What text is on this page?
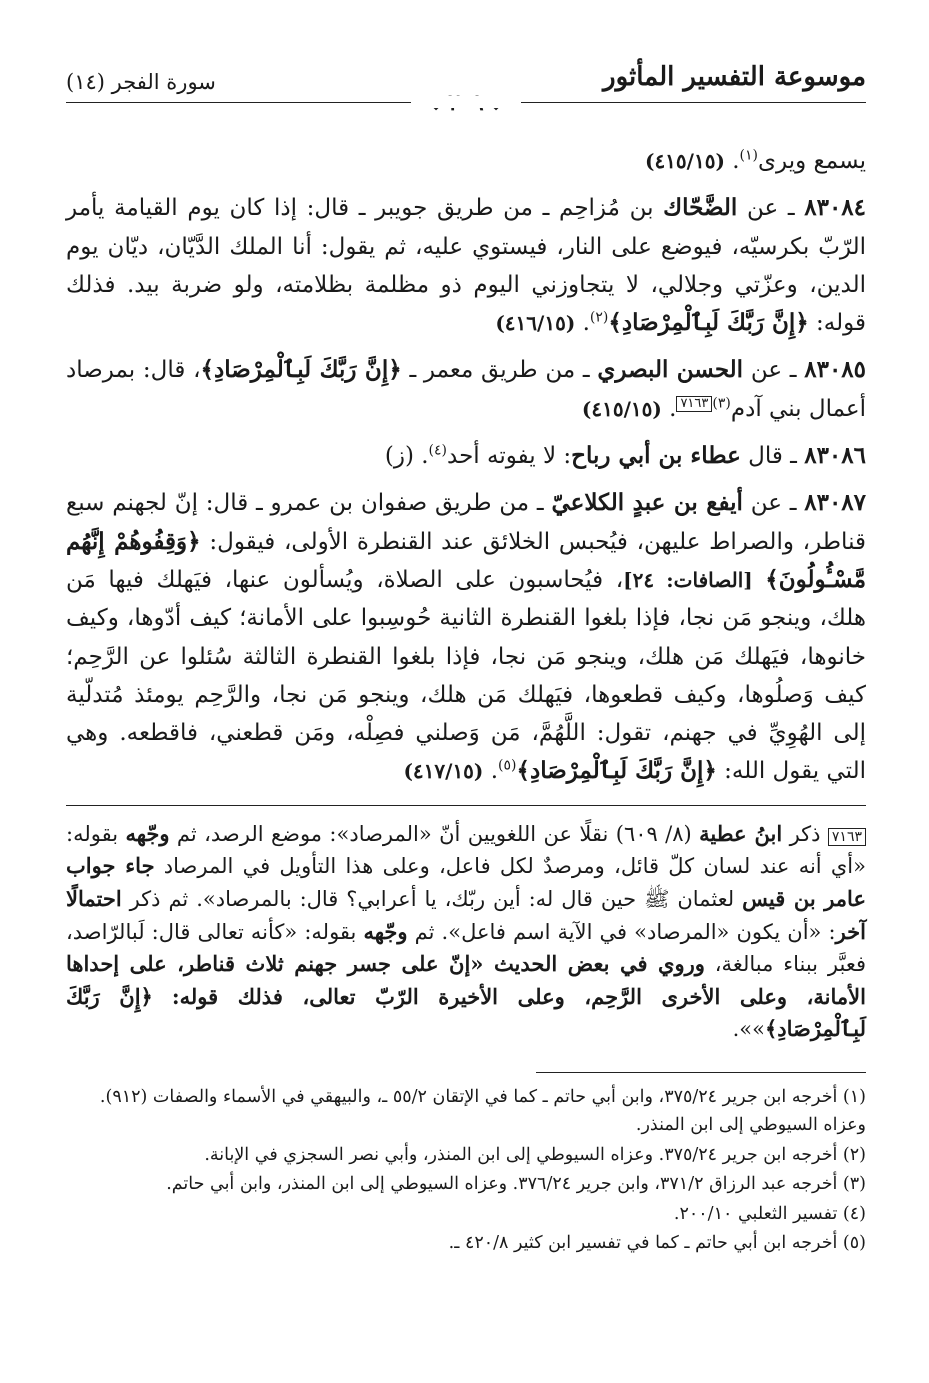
موسوعة التفسير المأثور
سورة الفجر (١٤)

يسمع ويرى$^{(١)}$. (٤١٥/١٥)

٨٣٠٨٤ ـ عن الضَّحّاك بن مُزاحِم ـ من طريق جويبر ـ قال: إذا كان يوم القيامة يأمر الرّبّ بكرسيّه، فيوضع على النار، فيستوي عليه، ثم يقول: أنا الملك الدَّيّان، ديّان يوم الدين، وعزّتي وجلالي، لا يتجاوزني اليوم ذو مظلمة بظلامته، ولو ضربة بيد. فذلك قوله: ﴿إِنَّ رَبَّكَ لَبِٱلْمِرْصَادِ﴾$^{(٢)}$. (٤١٦/١٥)

٨٣٠٨٥ ـ عن الحسن البصري ـ من طريق معمر ـ ﴿إِنَّ رَبَّكَ لَبِٱلْمِرْصَادِ﴾، قال: بمرصاد أعمال بني آدم$^{(٣)}$٧١٦٣. (٤١٥/١٥)

٨٣٠٨٦ ـ قال عطاء بن أبي رباح: لا يفوته أحد$^{(٤)}$. (ز)

٨٣٠٨٧ ـ عن أيفع بن عبدٍ الكلاعيّ ـ من طريق صفوان بن عمرو ـ قال: إنّ لجهنم سبع قناطر، والصراط عليهن، فيُحبس الخلائق عند القنطرة الأولى، فيقول: ﴿وَقِفُوهُمْ إِنَّهُم مَّسْـُٔولُونَ﴾ [الصافات: ٢٤]، فيُحاسبون على الصلاة، ويُسألون عنها، فيَهلك فيها مَن هلك، وينجو مَن نجا، فإذا بلغوا القنطرة الثانية حُوسِبوا على الأمانة؛ كيف أدّوها، وكيف خانوها، فيَهلك مَن هلك، وينجو مَن نجا، فإذا بلغوا القنطرة الثالثة سُئلوا عن الرَّحِم؛ كيف وَصلُوها، وكيف قطعوها، فيَهلك مَن هلك، وينجو مَن نجا، والرَّحِم يومئذ مُتدلّية إلى الهُوِيِّ في جهنم، تقول: اللَّهُمَّ، مَن وَصلني فصِلْه، ومَن قطعني، فاقطعه. وهي التي يقول الله: ﴿إِنَّ رَبَّكَ لَبِٱلْمِرْصَادِ﴾$^{(٥)}$. (٤١٧/١٥)

٧١٦٣ ذكر ابنُ عطية (٨/ ٦٠٩) نقلًا عن اللغويين أنّ «المرصاد»: موضع الرصد، ثم وجّهه بقوله: «أي أنه عند لسان كلّ قائل، ومرصدٌ لكل فاعل، وعلى هذا التأويل في المرصاد جاء جواب عامر بن قيس لعثمان ﷺ حين قال له: أين ربّك، يا أعرابي؟ قال: بالمرصاد». ثم ذكر احتمالًا آخر: «أن يكون «المرصاد» في الآية اسم فاعل». ثم وجّهه بقوله: «كأنه تعالى قال: لَبالرّاصد، فعبَّر ببناء مبالغة، وروي في بعض الحديث «إنّ على جسر جهنم ثلاث قناطر، على إحداها الأمانة، وعلى الأخرى الرَّحِم، وعلى الأخيرة الرّبّ تعالى، فذلك قوله: ﴿إِنَّ رَبَّكَ لَبِٱلْمِرْصَادِ﴾»».
(١) أخرجه ابن جرير ٣٧٥/٢٤، وابن أبي حاتم ـ كما في الإتقان ٥٥/٢ ـ، والبيهقي في الأسماء والصفات (٩١٢). وعزاه السيوطي إلى ابن المنذر.
(٢) أخرجه ابن جرير ٣٧٥/٢٤. وعزاه السيوطي إلى ابن المنذر، وأبي نصر السجزي في الإبانة.
(٣) أخرجه عبد الرزاق ٣٧١/٢، وابن جرير ٣٧٦/٢٤. وعزاه السيوطي إلى ابن المنذر، وابن أبي حاتم.
(٤) تفسير الثعلبي ٢٠٠/١٠.
(٥) أخرجه ابن أبي حاتم ـ كما في تفسير ابن كثير ٤٢٠/٨ ـ.
